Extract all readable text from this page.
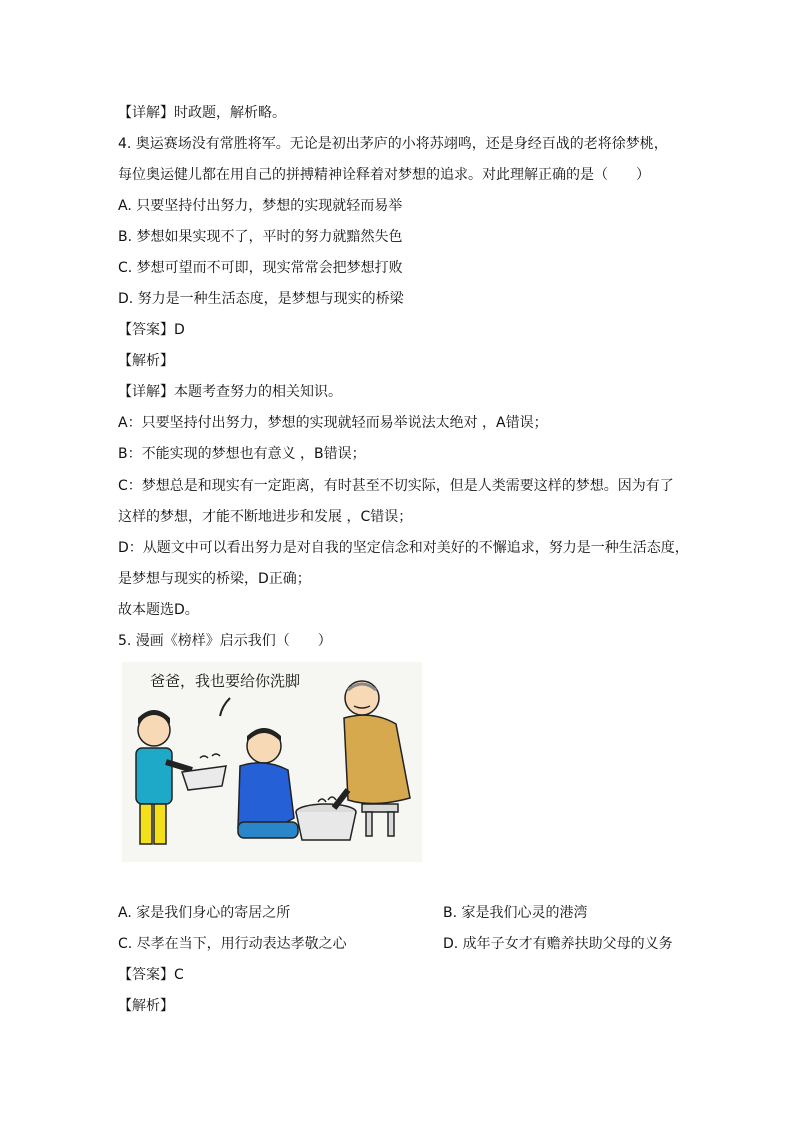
【详解】时政题，解析略。
4. 奥运赛场没有常胜将军。无论是初出茅庐的小将苏翊鸣，还是身经百战的老将徐梦桃，
每位奥运健儿都在用自己的拼搏精神诠释着对梦想的追求。对此理解正确的是（　　）
A. 只要坚持付出努力，梦想的实现就轻而易举
B. 梦想如果实现不了，平时的努力就黯然失色
C. 梦想可望而不可即，现实常常会把梦想打败
D. 努力是一种生活态度，是梦想与现实的桥梁
【答案】D
【解析】
【详解】本题考查努力的相关知识。
A：只要坚持付出努力，梦想的实现就轻而易举说法太绝对 ，A错误；
B：不能实现的梦想也有意义 ，B错误；
C：梦想总是和现实有一定距离，有时甚至不切实际，但是人类需要这样的梦想。因为有了
这样的梦想，才能不断地进步和发展 ，C错误；
D：从题文中可以看出努力是对自我的坚定信念和对美好的不懈追求，努力是一种生活态度，
是梦想与现实的桥梁，D正确；
故本题选D。
5. 漫画《榜样》启示我们（　　）
爸爸，我也要给你洗脚
A. 家是我们身心的寄居之所	B. 家是我们心灵的港湾
C. 尽孝在当下，用行动表达孝敬之心	D. 成年子女才有赡养扶助父母的义务
【答案】C
【解析】
